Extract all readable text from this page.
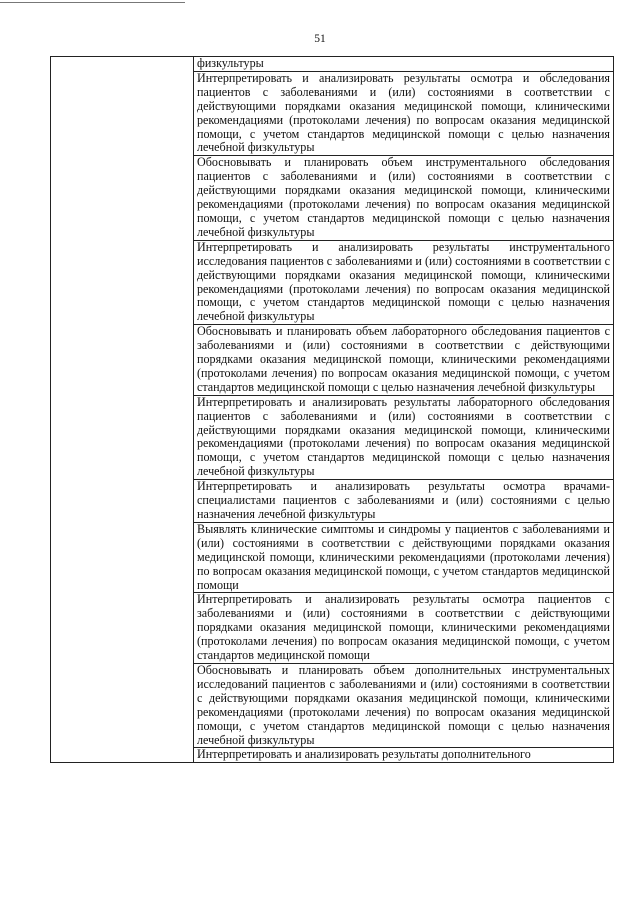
51

физкультуры

Интерпретировать и анализировать результаты осмотра и обследования пациентов с заболеваниями и (или) состояниями в соответствии с действующими порядками оказания медицинской помощи, клиническими рекомендациями (протоколами лечения) по вопросам оказания медицинской помощи, с учетом стандартов медицинской помощи с целью назначения лечебной физкультуры

Обосновывать и планировать объем инструментального обследования пациентов с заболеваниями и (или) состояниями в соответствии с действующими порядками оказания медицинской помощи, клиническими рекомендациями (протоколами лечения) по вопросам оказания медицинской помощи, с учетом стандартов медицинской помощи с целью назначения лечебной физкультуры

Интерпретировать и анализировать результаты инструментального исследования пациентов с заболеваниями и (или) состояниями в соответствии с действующими порядками оказания медицинской помощи, клиническими рекомендациями (протоколами лечения) по вопросам оказания медицинской помощи, с учетом стандартов медицинской помощи с целью назначения лечебной физкультуры

Обосновывать и планировать объем лабораторного обследования пациентов с заболеваниями и (или) состояниями в соответствии с действующими порядками оказания медицинской помощи, клиническими рекомендациями (протоколами лечения) по вопросам оказания медицинской помощи, с учетом стандартов медицинской помощи с целью назначения лечебной физкультуры

Интерпретировать и анализировать результаты лабораторного обследования пациентов с заболеваниями и (или) состояниями в соответствии с действующими порядками оказания медицинской помощи, клиническими рекомендациями (протоколами лечения) по вопросам оказания медицинской помощи, с учетом стандартов медицинской помощи с целью назначения лечебной физкультуры

Интерпретировать и анализировать результаты осмотра врачами-специалистами пациентов с заболеваниями и (или) состояниями с целью назначения лечебной физкультуры

Выявлять клинические симптомы и синдромы у пациентов с заболеваниями и (или) состояниями в соответствии с действующими порядками оказания медицинской помощи, клиническими рекомендациями (протоколами лечения) по вопросам оказания медицинской помощи, с учетом стандартов медицинской помощи

Интерпретировать и анализировать результаты осмотра пациентов с заболеваниями и (или) состояниями в соответствии с действующими порядками оказания медицинской помощи, клиническими рекомендациями (протоколами лечения) по вопросам оказания медицинской помощи, с учетом стандартов медицинской помощи

Обосновывать и планировать объем дополнительных инструментальных исследований пациентов с заболеваниями и (или) состояниями в соответствии с действующими порядками оказания медицинской помощи, клиническими рекомендациями (протоколами лечения) по вопросам оказания медицинской помощи, с учетом стандартов медицинской помощи с целью назначения лечебной физкультуры

Интерпретировать и анализировать результаты дополнительного
